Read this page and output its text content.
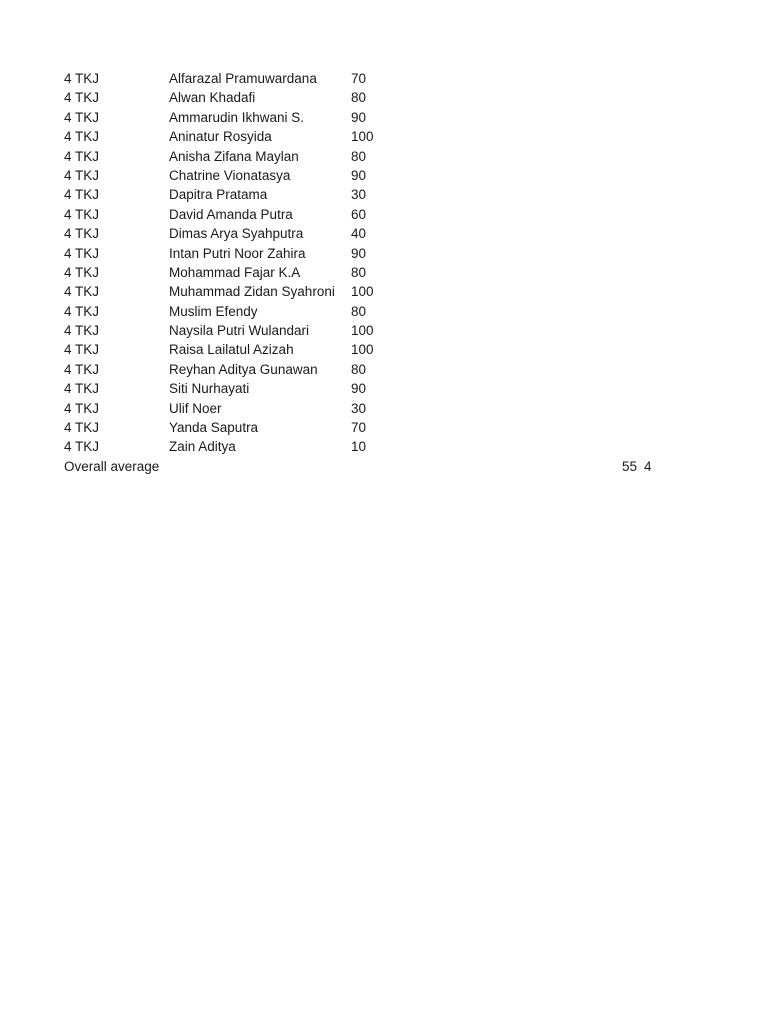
4 TKJ	Alfarazal Pramuwardana	70
4 TKJ	Alwan Khadafi	80
4 TKJ	Ammarudin Ikhwani S.	90
4 TKJ	Aninatur Rosyida	100
4 TKJ	Anisha Zifana Maylan	80
4 TKJ	Chatrine Vionatasya	90
4 TKJ	Dapitra Pratama	30
4 TKJ	David Amanda Putra	60
4 TKJ	Dimas Arya Syahputra	40
4 TKJ	Intan Putri Noor Zahira	90
4 TKJ	Mohammad Fajar K.A	80
4 TKJ	Muhammad Zidan Syahroni 100
4 TKJ	Muslim Efendy	80
4 TKJ	Naysila Putri Wulandari	100
4 TKJ	Raisa Lailatul Azizah	100
4 TKJ	Reyhan Aditya Gunawan 80
4 TKJ	Siti Nurhayati	90
4 TKJ	Ulif Noer	30
4 TKJ	Yanda Saputra	70
4 TKJ	Zain Aditya	10
Overall average	55 4
